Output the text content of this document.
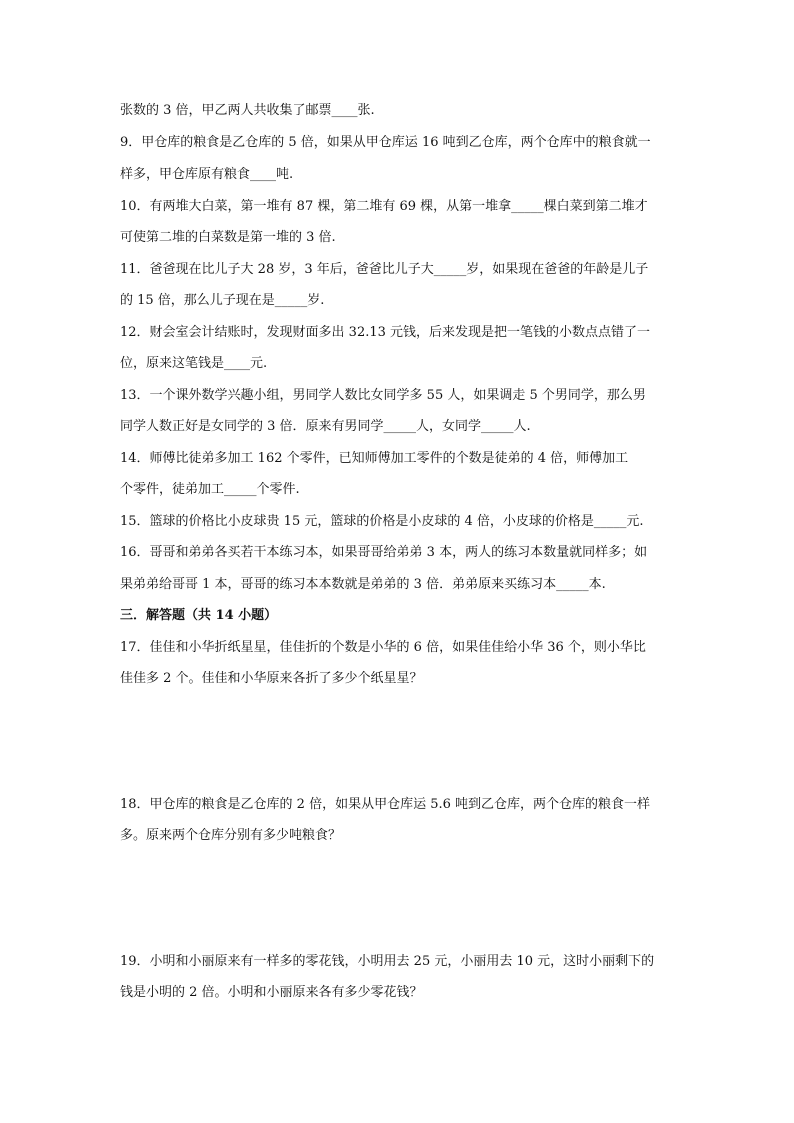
张数的 3 倍，甲乙两人共收集了邮票____张.
9．甲仓库的粮食是乙仓库的 5 倍，如果从甲仓库运 16 吨到乙仓库，两个仓库中的粮食就一
样多，甲仓库原有粮食____吨.
10．有两堆大白菜，第一堆有 87 棵，第二堆有 69 棵，从第一堆拿_____棵白菜到第二堆才
可使第二堆的白菜数是第一堆的 3 倍.
11．爸爸现在比儿子大 28 岁，3 年后，爸爸比儿子大_____岁，如果现在爸爸的年龄是儿子
的 15 倍，那么儿子现在是_____岁.
12．财会室会计结账时，发现财面多出 32.13 元钱，后来发现是把一笔钱的小数点点错了一
位，原来这笔钱是____元.
13．一个课外数学兴趣小组，男同学人数比女同学多 55 人，如果调走 5 个男同学，那么男
同学人数正好是女同学的 3 倍．原来有男同学_____人，女同学_____人.
14．师傅比徒弟多加工 162 个零件，已知师傅加工零件的个数是徒弟的 4 倍，师傅加工
个零件，徒弟加工_____个零件.
15．篮球的价格比小皮球贵 15 元，篮球的价格是小皮球的 4 倍，小皮球的价格是_____元.
16．哥哥和弟弟各买若干本练习本，如果哥哥给弟弟 3 本，两人的练习本数量就同样多；如
果弟弟给哥哥 1 本，哥哥的练习本本数就是弟弟的 3 倍．弟弟原来买练习本_____本.
三．解答题（共 14 小题）
17．佳佳和小华折纸星星，佳佳折的个数是小华的 6 倍，如果佳佳给小华 36 个，则小华比
佳佳多 2 个。佳佳和小华原来各折了多少个纸星星？
18．甲仓库的粮食是乙仓库的 2 倍，如果从甲仓库运 5.6 吨到乙仓库，两个仓库的粮食一样
多。原来两个仓库分别有多少吨粮食？
19．小明和小丽原来有一样多的零花钱，小明用去 25 元，小丽用去 10 元，这时小丽剩下的
钱是小明的 2 倍。小明和小丽原来各有多少零花钱？
